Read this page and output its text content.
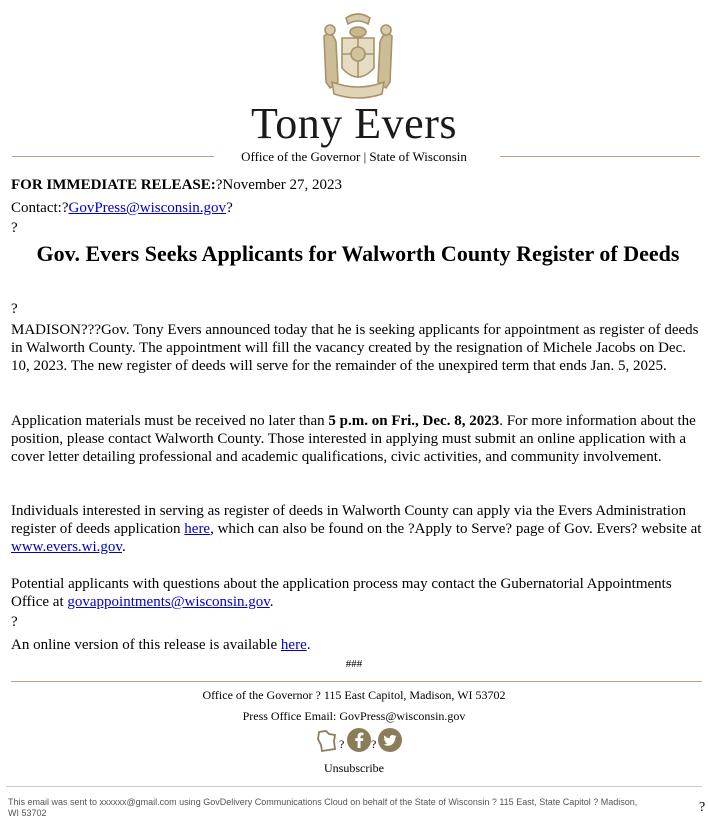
Tony Evers
Office of the Governor | State of Wisconsin
FOR IMMEDIATE RELEASE:?November 27, 2023
Contact:?GovPress@wisconsin.gov?
?
Gov. Evers Seeks Applicants for Walworth County Register of Deeds
?
MADISON???Gov. Tony Evers announced today that he is seeking applicants for appointment as register of deeds in Walworth County. The appointment will fill the vacancy created by the resignation of Michele Jacobs on Dec. 10, 2023. The new register of deeds will serve for the remainder of the unexpired term that ends Jan. 5, 2025.
Application materials must be received no later than 5 p.m. on Fri., Dec. 8, 2023. For more information about the position, please contact Walworth County. Those interested in applying must submit an online application with a cover letter detailing professional and academic qualifications, civic activities, and community involvement.
Individuals interested in serving as register of deeds in Walworth County can apply via the Evers Administration register of deeds application here, which can also be found on the ?Apply to Serve? page of Gov. Evers? website at www.evers.wi.gov.
Potential applicants with questions about the application process may contact the Gubernatorial Appointments Office at govappointments@wisconsin.gov.
?
An online version of this release is available here.
###
Office of the Governor ? 115 East Capitol, Madison, WI 53702
Press Office Email: GovPress@wisconsin.gov
? ?
Unsubscribe
This email was sent to xxxxxx@gmail.com using GovDelivery Communications Cloud on behalf of the State of Wisconsin ? 115 East, State Capitol ? Madison, WI 53702	?
